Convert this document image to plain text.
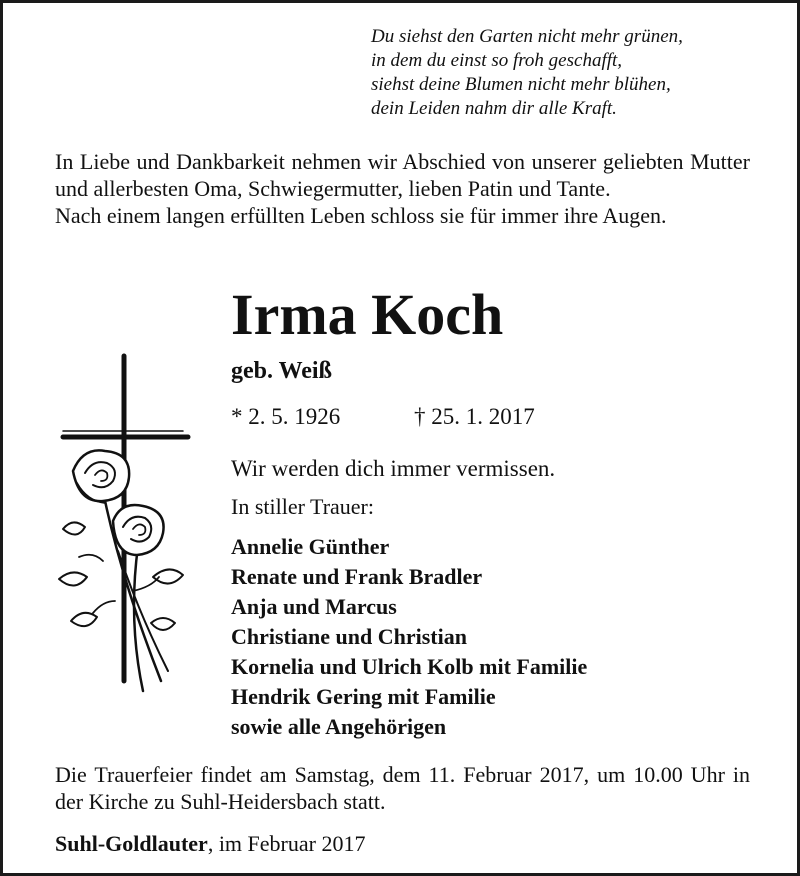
Du siehst den Garten nicht mehr grünen,
in dem du einst so froh geschafft,
siehst deine Blumen nicht mehr blühen,
dein Leiden nahm dir alle Kraft.

In Liebe und Dankbarkeit nehmen wir Abschied von unserer geliebten Mutter und allerbesten Oma, Schwiegermutter, lieben Patin und Tante.

Nach einem langen erfüllten Leben schloss sie für immer ihre Augen.

Irma Koch
geb. Weiß
* 2. 5. 1926	† 25. 1. 2017
Wir werden dich immer vermissen.
In stiller Trauer:
Annelie Günther
Renate und Frank Bradler
Anja und Marcus
Christiane und Christian
Kornelia und Ulrich Kolb mit Familie
Hendrik Gering mit Familie
sowie alle Angehörigen
Die Trauerfeier findet am Samstag, dem 11. Februar 2017, um 10.00 Uhr in der Kirche zu Suhl-Heidersbach statt.
Suhl-Goldlauter, im Februar 2017
